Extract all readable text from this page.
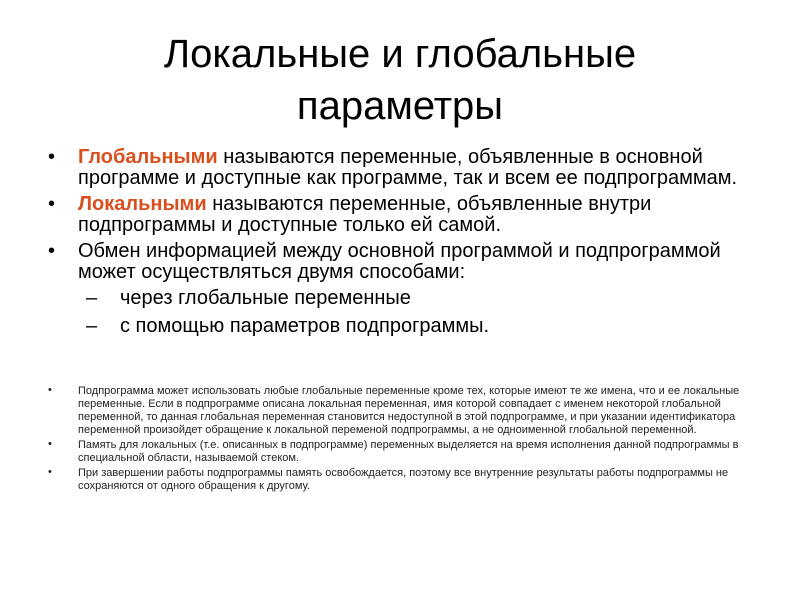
Локальные и глобальные
параметры
• Глобальными называются переменные, объявленные в основной программе и доступные как программе, так и всем ее подпрограммам.
• Локальными называются переменные, объявленные внутри подпрограммы и доступные только ей самой.
• Обмен информацией между основной программой и подпрограммой может осуществляться двумя способами:
– через глобальные переменные
– с помощью параметров подпрограммы.
• Подпрограмма может использовать любые глобальные переменные кроме тех, которые имеют те же имена, что и ее локальные переменные. Если в подпрограмме описана локальная переменная, имя которой совпадает с именем некоторой глобальной переменной, то данная глобальная переменная становится недоступной в этой подпрограмме, и при указании идентификатора переменной произойдет обращение к локальной переменой подпрограммы, а не одноименной глобальной переменной.
• Память для локальных (т.е. описанных в подпрограмме) переменных выделяется на время исполнения данной подпрограммы в специальной области, называемой стеком.
• При завершении работы подпрограммы память освобождается, поэтому все внутренние результаты работы подпрограммы не сохраняются от одного обращения к другому.
